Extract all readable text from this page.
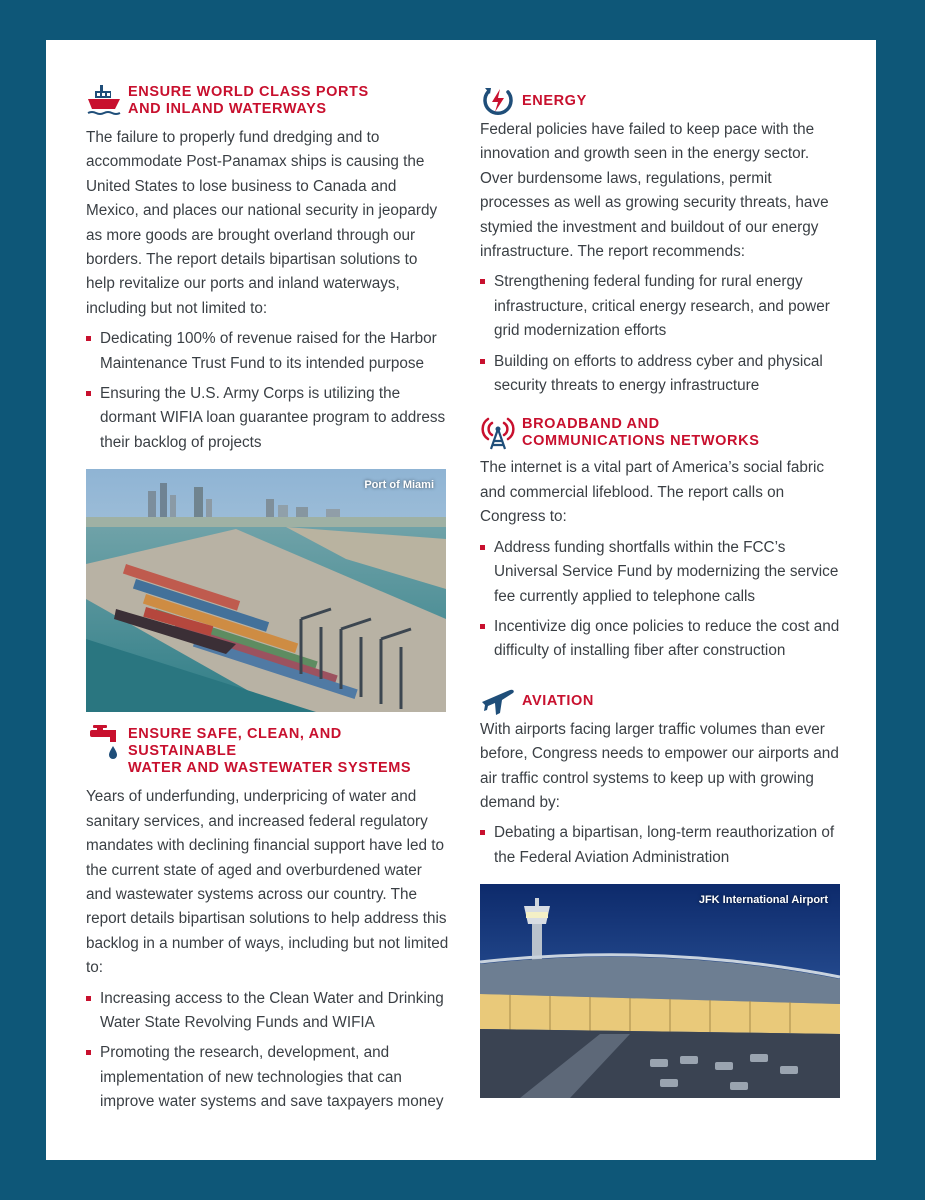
ENSURE WORLD CLASS PORTS
AND INLAND WATERWAYS

The failure to properly fund dredging and to accommodate Post-Panamax ships is causing the United States to lose business to Canada and Mexico, and places our national security in jeopardy as more goods are brought overland through our borders. The report details bipartisan solutions to help revitalize our ports and inland waterways, including but not limited to:

Dedicating 100% of revenue raised for the Harbor Maintenance Trust Fund to its intended purpose
Ensuring the U.S. Army Corps is utilizing the dormant WIFIA loan guarantee program to address their backlog of projects
Port of Miami
ENSURE SAFE, CLEAN, AND SUSTAINABLE
WATER AND WASTEWATER SYSTEMS

Years of underfunding, underpricing of water and sanitary services, and increased federal regulatory mandates with declining financial support have led to the current state of aged and overburdened water and wastewater systems across our country. The report details bipartisan solutions to help address this backlog in a number of ways, including but not limited to:

Increasing access to the Clean Water and Drinking Water State Revolving Funds and WIFIA
Promoting the research, development, and implementation of new technologies that can improve water systems and save taxpayers money
ENERGY

Federal policies have failed to keep pace with the innovation and growth seen in the energy sector. Over burdensome laws, regulations, permit processes as well as growing security threats, have stymied the investment and buildout of our energy infrastructure. The report recommends:

Strengthening federal funding for rural energy infrastructure, critical energy research, and power grid modernization efforts
Building on efforts to address cyber and physical security threats to energy infrastructure
BROADBAND AND
COMMUNICATIONS NETWORKS

The internet is a vital part of America’s social fabric and commercial lifeblood. The report calls on Congress to:

Address funding shortfalls within the FCC’s Universal Service Fund by modernizing the service fee currently applied to telephone calls
Incentivize dig once policies to reduce the cost and difficulty of installing fiber after construction
AVIATION

With airports facing larger traffic volumes than ever before, Congress needs to empower our airports and air traffic control systems to keep up with growing demand by:

Debating a bipartisan, long-term reauthorization of the Federal Aviation Administration
JFK International Airport
